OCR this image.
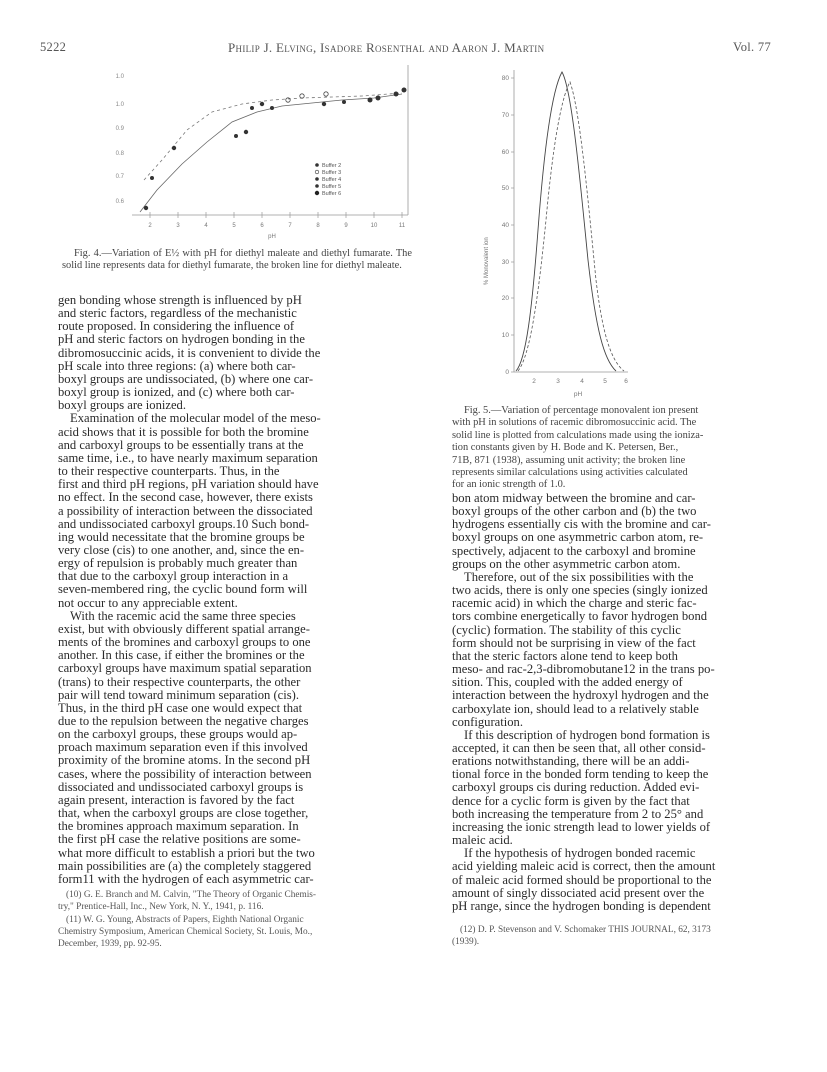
5222	Philip J. Elving, Isadore Rosenthal and Aaron J. Martin	Vol. 77
2	3	4	5	6	7	8	9	10	11
pH
1.0
1.0
0.9
0.8
0.7
0.6
Buffer 2
Buffer 3
Buffer 4
Buffer 5
Buffer 6

Fig. 4.—Variation of E½ with pH for diethyl maleate and diethyl fumarate. The solid line represents data for diethyl fumarate, the broken line for diethyl maleate.

80
70
60
50
40
30
20
10
0
2	3	4	5	6
pH
% Monovalent ion

Fig. 5.—Variation of percentage monovalent ion present

with pH in solutions of racemic dibromosuccinic acid. The

solid line is plotted from calculations made using the ioniza-

tion constants given by H. Bode and K. Petersen, Ber.,

71B, 871 (1938), assuming unit activity; the broken line

represents similar calculations using activities calculated

for an ionic strength of 1.0.

gen bonding whose strength is influenced by pH

and steric factors, regardless of the mechanistic

route proposed. In considering the influence of

pH and steric factors on hydrogen bonding in the

dibromosuccinic acids, it is convenient to divide the

pH scale into three regions: (a) where both car-

boxyl groups are undissociated, (b) where one car-

boxyl group is ionized, and (c) where both car-

boxyl groups are ionized.

Examination of the molecular model of the meso-

acid shows that it is possible for both the bromine

and carboxyl groups to be essentially trans at the

same time, i.e., to have nearly maximum separation

to their respective counterparts. Thus, in the

first and third pH regions, pH variation should have

no effect. In the second case, however, there exists

a possibility of interaction between the dissociated

and undissociated carboxyl groups.10 Such bond-

ing would necessitate that the bromine groups be

very close (cis) to one another, and, since the en-

ergy of repulsion is probably much greater than

that due to the carboxyl group interaction in a

seven-membered ring, the cyclic bound form will

not occur to any appreciable extent.

With the racemic acid the same three species

exist, but with obviously different spatial arrange-

ments of the bromines and carboxyl groups to one

another. In this case, if either the bromines or the

carboxyl groups have maximum spatial separation

(trans) to their respective counterparts, the other

pair will tend toward minimum separation (cis).

Thus, in the third pH case one would expect that

due to the repulsion between the negative charges

on the carboxyl groups, these groups would ap-

proach maximum separation even if this involved

proximity of the bromine atoms. In the second pH

cases, where the possibility of interaction between

dissociated and undissociated carboxyl groups is

again present, interaction is favored by the fact

that, when the carboxyl groups are close together,

the bromines approach maximum separation. In

the first pH case the relative positions are some-

what more difficult to establish a priori but the two

main possibilities are (a) the completely staggered

form11 with the hydrogen of each asymmetric car-

(10) G. E. Branch and M. Calvin, "The Theory of Organic Chemis-

try," Prentice-Hall, Inc., New York, N. Y., 1941, p. 116.

(11) W. G. Young, Abstracts of Papers, Eighth National Organic

Chemistry Symposium, American Chemical Society, St. Louis, Mo.,

December, 1939, pp. 92-95.

bon atom midway between the bromine and car-

boxyl groups of the other carbon and (b) the two

hydrogens essentially cis with the bromine and car-

boxyl groups on one asymmetric carbon atom, re-

spectively, adjacent to the carboxyl and bromine

groups on the other asymmetric carbon atom.

Therefore, out of the six possibilities with the

two acids, there is only one species (singly ionized

racemic acid) in which the charge and steric fac-

tors combine energetically to favor hydrogen bond

(cyclic) formation. The stability of this cyclic

form should not be surprising in view of the fact

that the steric factors alone tend to keep both

meso- and rac-2,3-dibromobutane12 in the trans po-

sition. This, coupled with the added energy of

interaction between the hydroxyl hydrogen and the

carboxylate ion, should lead to a relatively stable

configuration.

If this description of hydrogen bond formation is

accepted, it can then be seen that, all other consid-

erations notwithstanding, there will be an addi-

tional force in the bonded form tending to keep the

carboxyl groups cis during reduction. Added evi-

dence for a cyclic form is given by the fact that

both increasing the temperature from 2 to 25° and

increasing the ionic strength lead to lower yields of

maleic acid.

If the hypothesis of hydrogen bonded racemic

acid yielding maleic acid is correct, then the amount

of maleic acid formed should be proportional to the

amount of singly dissociated acid present over the

pH range, since the hydrogen bonding is dependent

(12) D. P. Stevenson and V. Schomaker THIS JOURNAL, 62, 3173

(1939).
